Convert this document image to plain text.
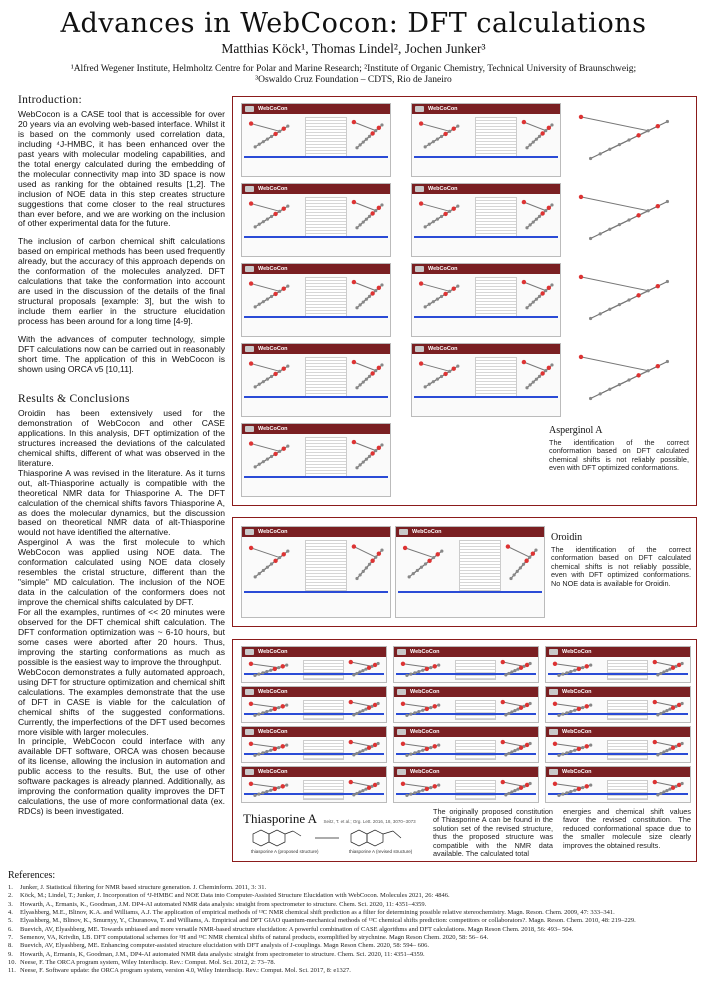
Advances in WebCocon: DFT calculations
Matthias Köck¹, Thomas Lindel², Jochen Junker³
¹Alfred Wegener Institute, Helmholtz Centre for Polar and Marine Research; ²Institute of Organic Chemistry, Technical University of Braunschweig;
³Oswaldo Cruz Foundation – CDTS, Rio de Janeiro
Introduction:

WebCocon is a CASE tool that is accessible for over 20 years via an evolving web-based interface. Whilst it is based on the commonly used correlation data, including ⁴J-HMBC, it has been enhanced over the past years with molecular modeling capabilities, and the total energy calculated during the embedding of the molecular connectivity map into 3D space is now used as ranking for the obtained results [1,2]. The inclusion of NOE data in this step creates structure suggestions that come closer to the real structures than ever before, and we are working on the inclusion of other experimental data for the future.

The inclusion of carbon chemical shift calculations based on empirical methods has been used frequently already, but the accuracy of this approach depends on the conformation of the molecules analyzed. DFT calculations that take the conformation into account are used in the discussion of the details of the final structural proposals [example: 3], but the wish to include them earlier in the structure elucidation process has been around for a long time [4-9].

With the advances of computer technology, simple DFT calculations now can be carried out in reasonably short time. The application of this in WebCocon is shown using ORCA v5 [10,11].

Results & Conclusions

Oroidin has been extensively used for the demonstration of WebCocon and other CASE applications. In this analysis, DFT optimization of the structures increased the deviations of the calculated chemical shifts, different of what was observed in the literature.

Thiasporine A was revised in the literature. As it turns out, alt-Thiasporine actually is compatible with the theoretical NMR data for Thiasporine A. The DFT calculation of the chemical shifts favors Thiasporine A, as does the molecular dynamics, but the discussion based on theoretical NMR data of alt-Thiasporine would not have identified the alternative.

Asperginol A was the first molecule to which WebCocon was applied using NOE data. The conformation calculated using NOE data closely resembles the cristal structure, different than the "simple" MD calculation. The inclusion of the NOE data in the calculation of the conformers does not improve the chemical shifts calculated by DFT.

For all the examples, runtimes of << 20 minutes were observed for the DFT chemical shift calculation. The DFT conformation optimization was ~ 6-10 hours, but some cases were aborted after 20 hours. Thus, improving the starting conformations as much as possible is the easiest way to improve the throughput.

WebCocon demonstrates a fully automated approach, using DFT for structure optimization and chemical shift calculations. The examples demonstrate that the use of DFT in CASE is viable for the calculation of chemical shifts of the suggested conformations. Currently, the imperfections of the DFT used becomes more visible with larger molecules.

In principle, WebCocon could interface with any available DFT software, ORCA was chosen because of its license, allowing the inclusion in automation and public access to the results. But, the use of other software packages is already planned. Additionally, as improving the conformation quality improves the DFT calculations, the use of more conformational data (ex. RDCs) is been investigated.

WebCoCon	WebCoCon
WebCoCon	WebCoCon
WebCoCon	WebCoCon
WebCoCon	WebCoCon
WebCoCon	Asperginol A
The identification of the correct conformation based on DFT calculated chemical shifts is not reliably possible, even with DFT optimized conformations.
WebCoCon	WebCoCon	Oroidin
The identification of the correct conformation based on DFT calculated chemical shifts is not reliably possible, even with DFT optimized conformations. No NOE data is available for Oroidin.
WebCoCon	WebCoCon	WebCoCon
WebCoCon	WebCoCon	WebCoCon
WebCoCon	WebCoCon	WebCoCon
WebCoCon	WebCoCon	WebCoCon
Thiasporine A Seitz, T. et al.; Org. Lett. 2016, 18, 3070−3073
thiasporine A (proposed structure)	thiasporine A (revised structure)
The originally proposed constitution of Thiasporine A can be found in the solution set of the revised structure, thus the proposed structure was compatible with the NMR data available. The calculated total
energies and chemical shift values favor the revised constitution. The reduced conformational space due to the smaller molecule size clearly improves the obtained results.
References:
1. Junker, J. Statistical filtering for NMR based structure generation. J. Cheminform. 2011, 3: 31.
2. Köck, M.; Lindel, T.; Junker, J. Incorporation of ⁴J-HMBC and NOE Data into Computer-Assisted Structure Elucidation with WebCocon. Molecules 2021, 26: 4846.
3. Howarth, A., Ermanis, K., Goodman, J.M. DP4-AI automated NMR data analysis: straight from spectrometer to structure. Chem. Sci. 2020, 11: 4351–4359.
4. Elyashberg, M.E., Blinov, K.A. and Williams, A.J. The application of empirical methods of ¹³C NMR chemical shift prediction as a filter for determining possible relative stereochemistry. Magn. Reson. Chem. 2009, 47: 333–341.
5. Elyashberg, M., Blinov, K., Smurnyy, Y., Churanova, T. and Williams, A. Empirical and DFT GIAO quantum-mechanical methods of ¹³C chemical shifts prediction: competitors or collaborators?. Magn. Reson. Chem. 2010, 48: 219–229.
6. Buevich, AV, Elyashberg, ME. Towards unbiased and more versatile NMR-based structure elucidation: A powerful combination of CASE algorithms and DFT calculations. Magn Reson Chem. 2018, 56: 493– 504.
7. Semenov, VA, Krivdin, LB. DFT computational schemes for ¹H and ¹³C NMR chemical shifts of natural products, exemplified by strychnine. Magn Reson Chem. 2020, 58: 56– 64.
8. Buevich, AV, Elyashberg, ME. Enhancing computer-assisted structure elucidation with DFT analysis of J-couplings. Magn Reson Chem. 2020, 58: 594– 606.
9. Howarth, A, Ermanis, K, Goodman, J.M., DP4-AI automated NMR data analysis: straight from spectrometer to structure. Chem. Sci. 2020, 11: 4351–4359.
10. Neese, F. The ORCA program system, Wiley Interdiscip. Rev.: Comput. Mol. Sci. 2012, 2: 73–78.
11. Neese, F. Software update: the ORCA program system, version 4.0, Wiley Interdiscip. Rev.: Comput. Mol. Sci. 2017, 8: e1327.
